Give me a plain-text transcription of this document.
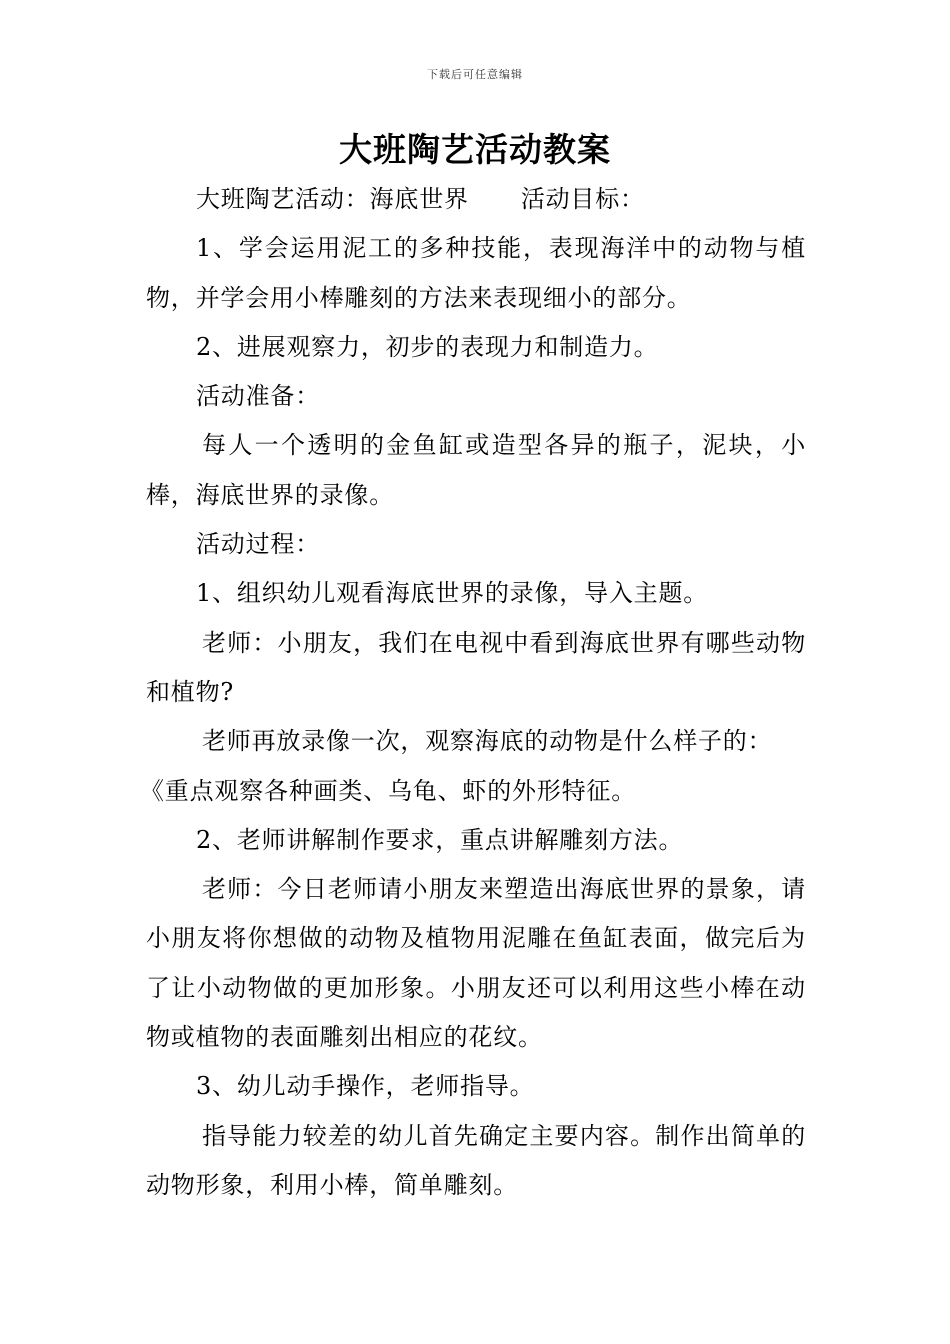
下载后可任意编辑
大班陶艺活动教案

大班陶艺活动：海底世界 活动目标：

1、学会运用泥工的多种技能，表现海洋中的动物与植物，并学会用小棒雕刻的方法来表现细小的部分。

2、进展观察力，初步的表现力和制造力。

活动准备：

每人一个透明的金鱼缸或造型各异的瓶子，泥块，小棒，海底世界的录像。

活动过程：

1、组织幼儿观看海底世界的录像，导入主题。

老师：小朋友，我们在电视中看到海底世界有哪些动物和植物?

老师再放录像一次，观察海底的动物是什么样子的：

《重点观察各种画类、乌龟、虾的外形特征。

2、老师讲解制作要求，重点讲解雕刻方法。

老师：今日老师请小朋友来塑造出海底世界的景象，请小朋友将你想做的动物及植物用泥雕在鱼缸表面，做完后为了让小动物做的更加形象。小朋友还可以利用这些小棒在动物或植物的表面雕刻出相应的花纹。

3、幼儿动手操作，老师指导。

指导能力较差的幼儿首先确定主要内容。制作出简单的动物形象，利用小棒，简单雕刻。
